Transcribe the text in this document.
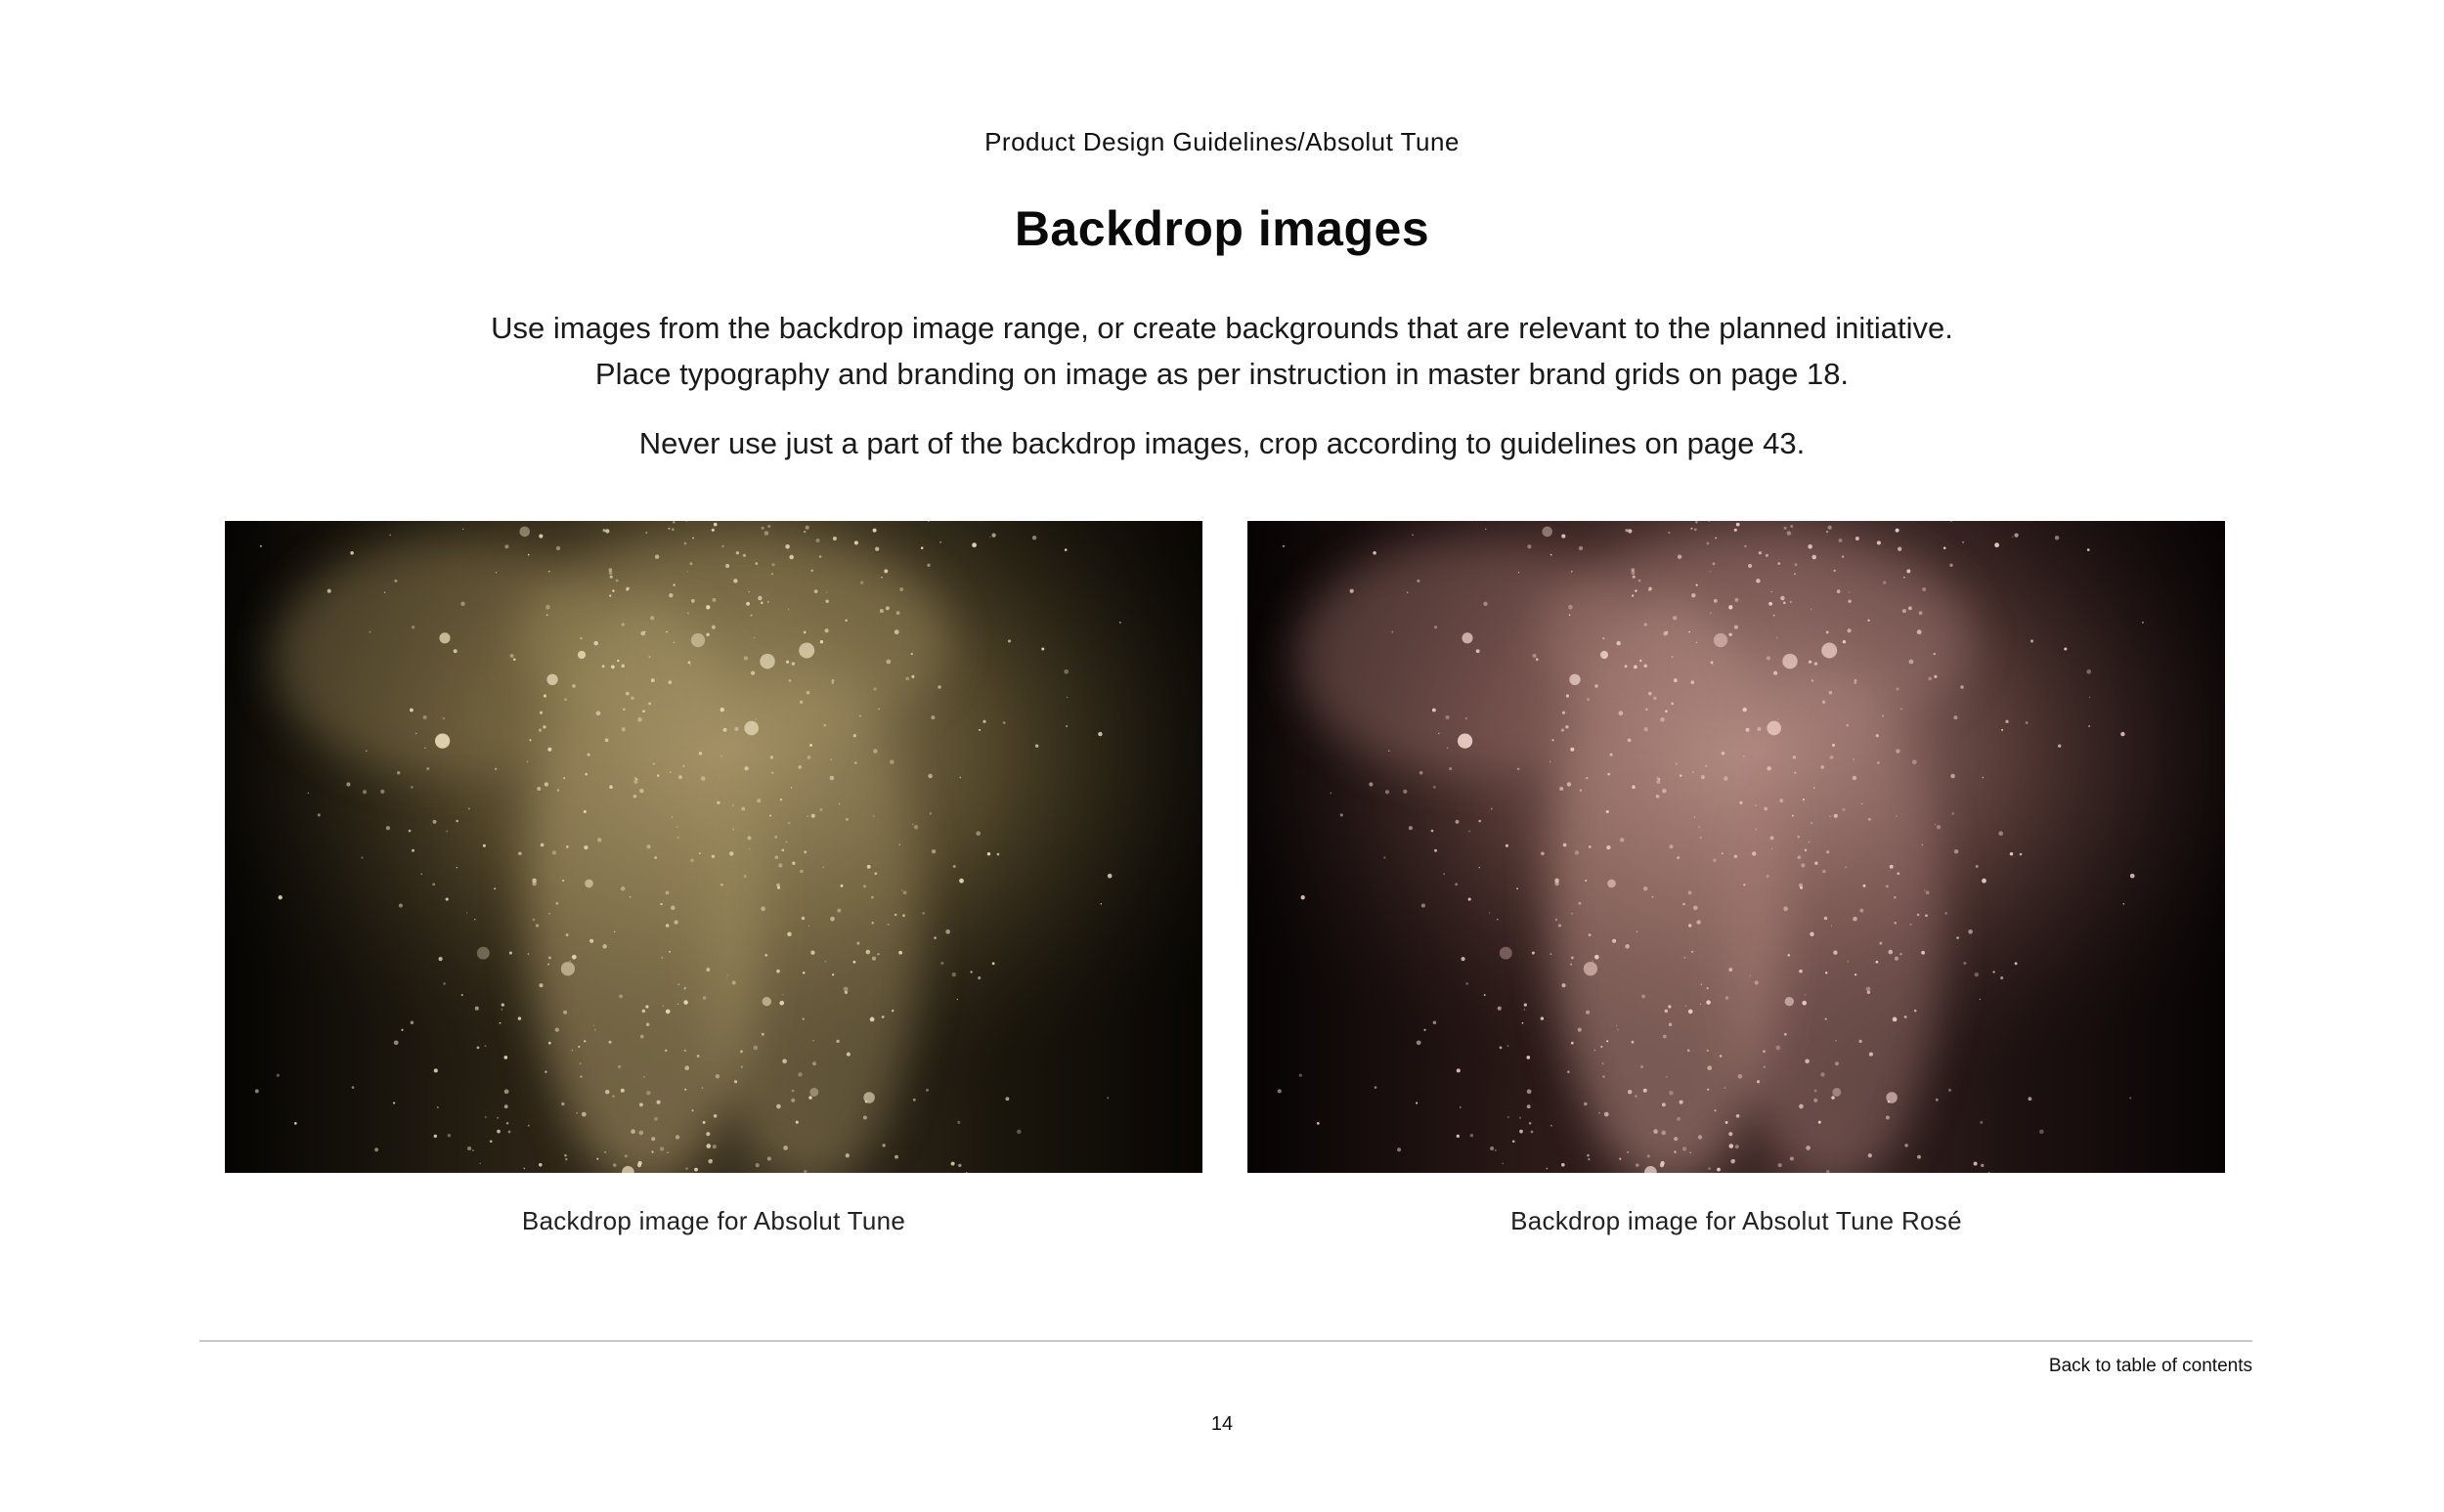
Product Design Guidelines/Absolut Tune
Backdrop images
Use images from the backdrop image range, or create backgrounds that are relevant to the planned initiative.
Place typography and branding on image as per instruction in master brand grids on page 18.
Never use just a part of the backdrop images, crop according to guidelines on page 43.
Backdrop image for Absolut Tune	Backdrop image for Absolut Tune Rosé
Back to table of contents
14
